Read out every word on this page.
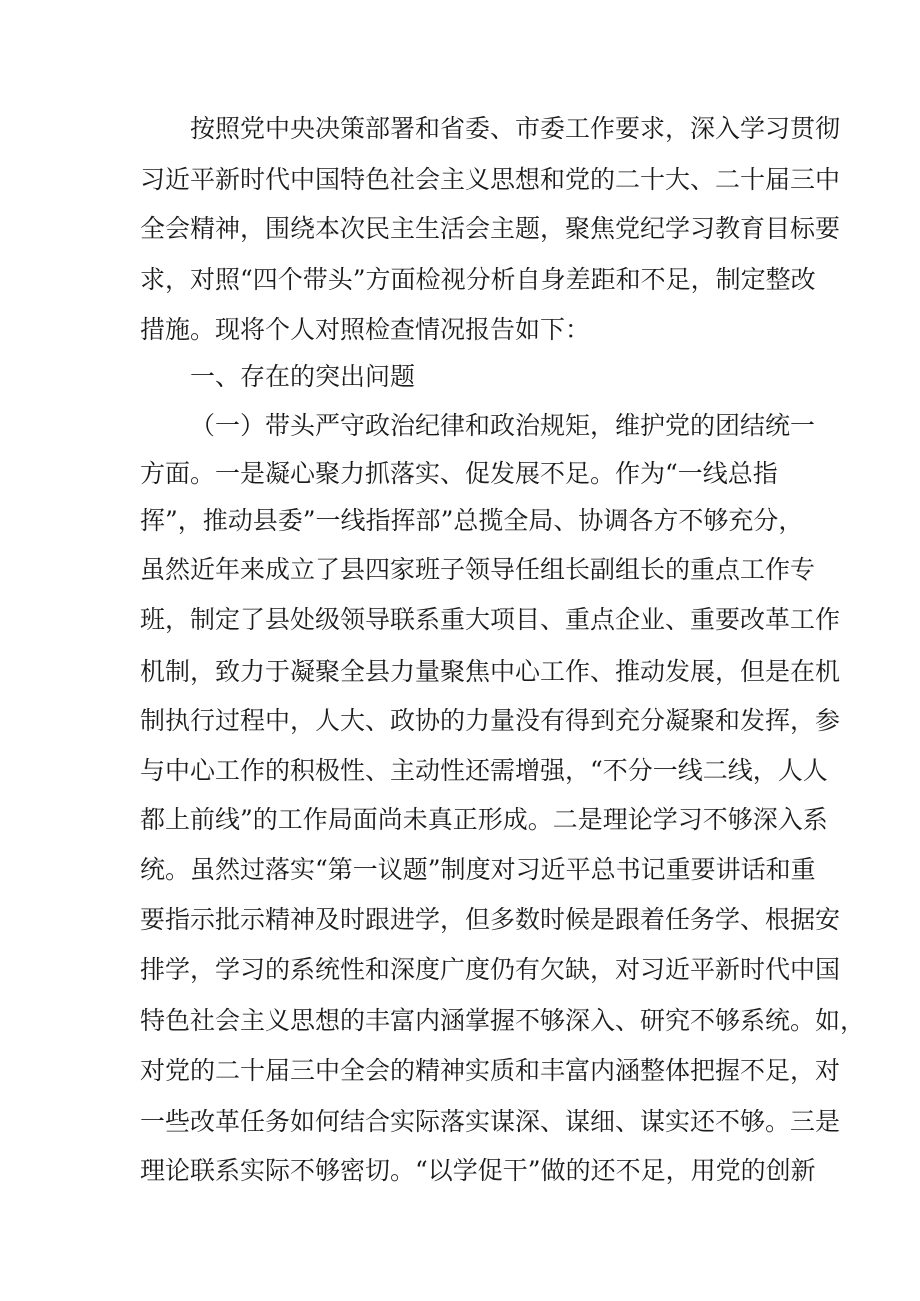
按照党中央决策部署和省委、市委工作要求，深入学习贯彻
习近平新时代中国特色社会主义思想和党的二十大、二十届三中
全会精神，围绕本次民主生活会主题，聚焦党纪学习教育目标要
求，对照“四个带头”方面检视分析自身差距和不足，制定整改
措施。现将个人对照检查情况报告如下：
一、存在的突出问题
（一）带头严守政治纪律和政治规矩，维护党的团结统一
方面。一是凝心聚力抓落实、促发展不足。作为“一线总指
挥”，推动县委”一线指挥部”总揽全局、协调各方不够充分，
虽然近年来成立了县四家班子领导任组长副组长的重点工作专
班，制定了县处级领导联系重大项目、重点企业、重要改革工作
机制，致力于凝聚全县力量聚焦中心工作、推动发展，但是在机
制执行过程中，人大、政协的力量没有得到充分凝聚和发挥，参
与中心工作的积极性、主动性还需增强，“不分一线二线，人人
都上前线”的工作局面尚未真正形成。二是理论学习不够深入系
统。虽然过落实“第一议题”制度对习近平总书记重要讲话和重
要指示批示精神及时跟进学，但多数时候是跟着任务学、根据安
排学，学习的系统性和深度广度仍有欠缺，对习近平新时代中国
特色社会主义思想的丰富内涵掌握不够深入、研究不够系统。如，
对党的二十届三中全会的精神实质和丰富内涵整体把握不足，对
一些改革任务如何结合实际落实谋深、谋细、谋实还不够。三是
理论联系实际不够密切。“以学促干”做的还不足，用党的创新
